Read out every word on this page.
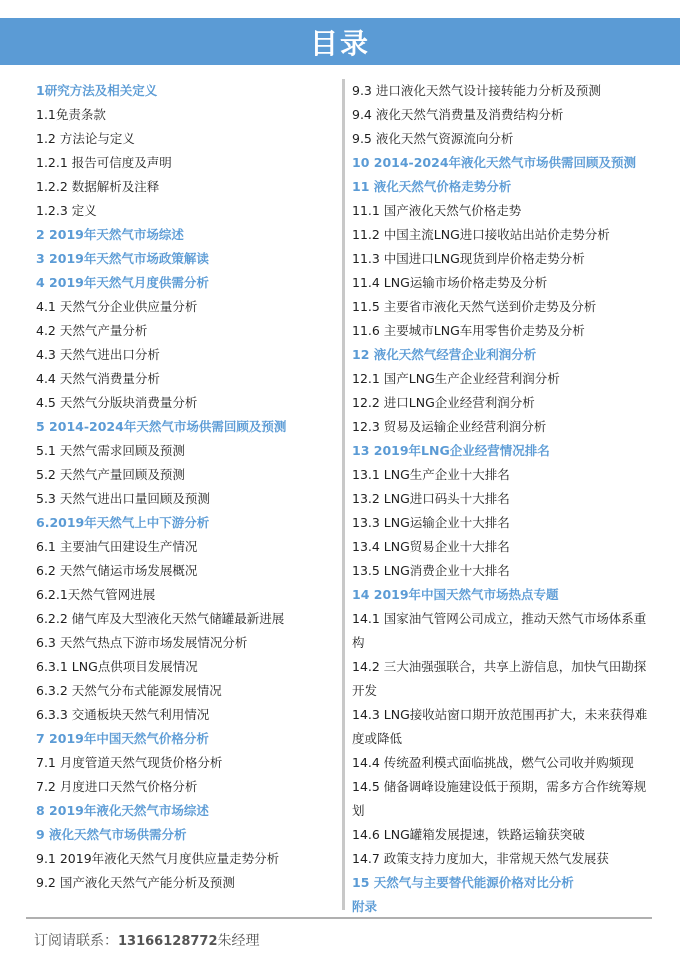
目录
1研究方法及相关定义
1.1免责条款
1.2 方法论与定义
1.2.1 报告可信度及声明
1.2.2 数据解析及注释
1.2.3 定义
2 2019年天然气市场综述
3 2019年天然气市场政策解读
4 2019年天然气月度供需分析
4.1 天然气分企业供应量分析
4.2 天然气产量分析
4.3 天然气进出口分析
4.4 天然气消费量分析
4.5 天然气分版块消费量分析
5 2014-2024年天然气市场供需回顾及预测
5.1 天然气需求回顾及预测
5.2 天然气产量回顾及预测
5.3 天然气进出口量回顾及预测
6.2019年天然气上中下游分析
6.1 主要油气田建设生产情况
6.2 天然气储运市场发展概况
6.2.1天然气管网进展
6.2.2 储气库及大型液化天然气储罐最新进展
6.3 天然气热点下游市场发展情况分析
6.3.1 LNG点供项目发展情况
6.3.2 天然气分布式能源发展情况
6.3.3 交通板块天然气利用情况
7 2019年中国天然气价格分析
7.1 月度管道天然气现货价格分析
7.2 月度进口天然气价格分析
8 2019年液化天然气市场综述
9 液化天然气市场供需分析
9.1 2019年液化天然气月度供应量走势分析
9.2 国产液化天然气产能分析及预测
9.3 进口液化天然气设计接转能力分析及预测
9.4 液化天然气消费量及消费结构分析
9.5 液化天然气资源流向分析
10 2014-2024年液化天然气市场供需回顾及预测
11 液化天然气价格走势分析
11.1 国产液化天然气价格走势
11.2 中国主流LNG进口接收站出站价走势分析
11.3 中国进口LNG现货到岸价格走势分析
11.4 LNG运输市场价格走势及分析
11.5 主要省市液化天然气送到价走势及分析
11.6 主要城市LNG车用零售价走势及分析
12 液化天然气经营企业利润分析
12.1 国产LNG生产企业经营利润分析
12.2 进口LNG企业经营利润分析
12.3 贸易及运输企业经营利润分析
13 2019年LNG企业经营情况排名
13.1 LNG生产企业十大排名
13.2 LNG进口码头十大排名
13.3 LNG运输企业十大排名
13.4 LNG贸易企业十大排名
13.5 LNG消费企业十大排名
14 2019年中国天然气市场热点专题
14.1 国家油气管网公司成立，推动天然气市场体系重构
14.2 三大油强强联合，共享上游信息，加快气田勘探开发
14.3 LNG接收站窗口期开放范围再扩大，未来获得难度或降低
14.4 传统盈利模式面临挑战，燃气公司收并购频现
14.5 储备调峰设施建设低于预期，需多方合作统筹规划
14.6 LNG罐箱发展提速，铁路运输获突破
14.7 政策支持力度加大，非常规天然气发展获
15 天然气与主要替代能源价格对比分析
附录
订阅请联系：13166128772朱经理
